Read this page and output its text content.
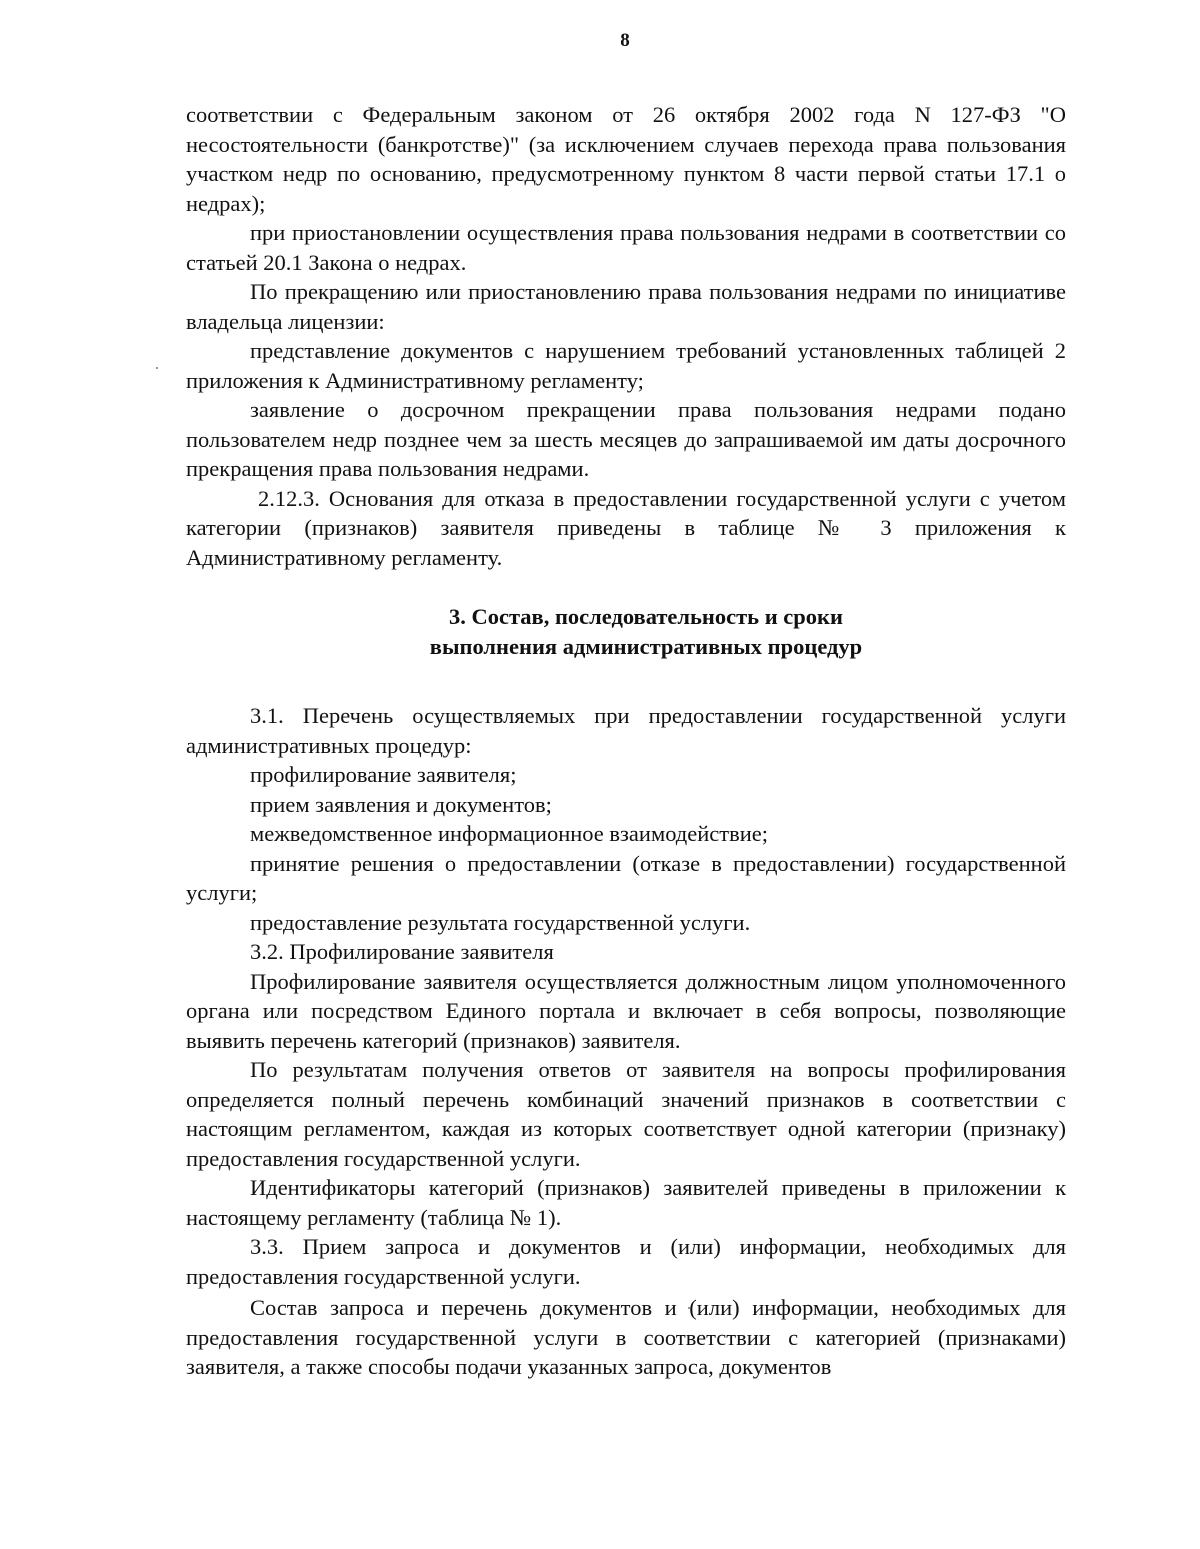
8

соответствии с Федеральным законом от 26 октября 2002 года N 127-ФЗ "О несостоятельности (банкротстве)" (за исключением случаев перехода права пользования участком недр по основанию, предусмотренному пунктом 8 части первой статьи 17.1 о недрах);

при приостановлении осуществления права пользования недрами в соответствии со статьей 20.1 Закона о недрах.

По прекращению или приостановлению права пользования недрами по инициативе владельца лицензии:

представление документов с нарушением требований установленных таблицей 2 приложения к Административному регламенту;

заявление о досрочном прекращении права пользования недрами подано пользователем недр позднее чем за шесть месяцев до запрашиваемой им даты досрочного прекращения права пользования недрами.

2.12.3. Основания для отказа в предоставлении государственной услуги с учетом категории (признаков) заявителя приведены в таблице № 3 приложения к Административному регламенту.

3. Состав, последовательность и сроки
выполнения административных процедур

3.1. Перечень осуществляемых при предоставлении государственной услуги административных процедур:

профилирование заявителя;

прием заявления и документов;

межведомственное информационное взаимодействие;

принятие решения о предоставлении (отказе в предоставлении) государственной услуги;

предоставление результата государственной услуги.

3.2. Профилирование заявителя

Профилирование заявителя осуществляется должностным лицом уполномоченного органа или посредством Единого портала и включает в себя вопросы, позволяющие выявить перечень категорий (признаков) заявителя.

По результатам получения ответов от заявителя на вопросы профилирования определяется полный перечень комбинаций значений признаков в соответствии с настоящим регламентом, каждая из которых соответствует одной категории (признаку) предоставления государственной услуги.

Идентификаторы категорий (признаков) заявителей приведены в приложении к настоящему регламенту (таблица № 1).

3.3. Прием запроса и документов и (или) информации, необходимых для предоставления государственной услуги.

Состав запроса и перечень документов и (или) информации, необходимых для предоставления государственной услуги в соответствии с категорией (признаками) заявителя, а также способы подачи указанных запроса, документов
